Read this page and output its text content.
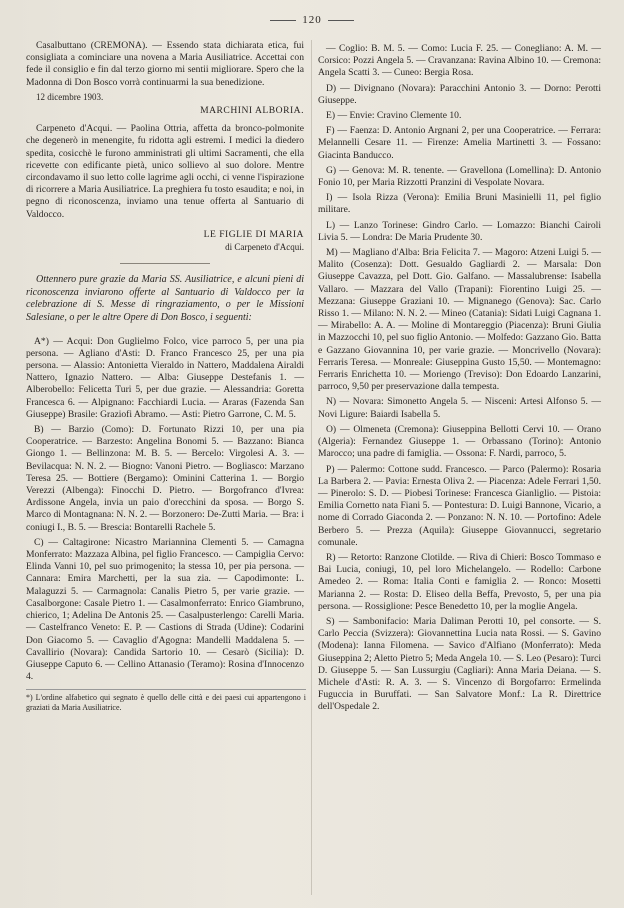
120

Casalbuttano (CREMONA). — Essendo stata dichiarata etica, fui consigliata a cominciare una novena a Maria Ausiliatrice. Accettai con fede il consiglio e fin dal terzo giorno mi sentii migliorare. Spero che la Madonna di Don Bosco vorrà continuarmi la sua benedizione.

12 dicembre 1903.
MARCHINI ALBORIA.

Carpeneto d'Acqui. — Paolina Ottria, affetta da bronco-polmonite che degenerò in menengite, fu ridotta agli estremi. I medici la diedero spedita, cosicchè le furono amministrati gli ultimi Sacramenti, che ella ricevette con edificante pietà, unico sollievo al suo dolore. Mentre circondavamo il suo letto colle lagrime agli occhi, ci venne l'ispirazione di ricorrere a Maria Ausiliatrice. La preghiera fu tosto esaudita; e noi, in pegno di riconoscenza, inviamo una tenue offerta al Santuario di Valdocco.

LE FIGLIE DI MARIA
di Carpeneto d'Acqui.

Ottennero pure grazie da Maria SS. Ausiliatrice, e alcuni pieni di riconoscenza inviarono offerte al Santuario di Valdocco per la celebrazione di S. Messe di ringraziamento, o per le Missioni Salesiane, o per le altre Opere di Don Bosco, i seguenti:

A*) — Acqui: Don Guglielmo Folco, vice parroco 5, per una pia persona. — Agliano d'Asti: D. Franco Francesco 25, per una pia persona. — Alassio: Antonietta Vieraldo in Nattero, Maddalena Airaldi Nattero, Ignazio Nattero. — Alba: Giuseppe Destefanis 1. — Alberobello: Felicetta Turi 5, per due grazie. — Alessandria: Goretta Francesca 6. — Alpignano: Facchiardi Lucia. — Araras (Fazenda San Giuseppe) Brasile: Graziofi Abramo. — Asti: Pietro Garrone, C. M. 5.

B) — Barzio (Como): D. Fortunato Rizzi 10, per una pia Cooperatrice. — Barzesto: Angelina Bonomi 5. — Bazzano: Bianca Giongo 1. — Bellinzona: M. B. 5. — Bercelo: Virgolesi A. 3. — Bevilacqua: N. N. 2. — Biogno: Vanoni Pietro. — Bogliasco: Marzano Teresa 25. — Bottiere (Bergamo): Ominini Catterina 1. — Borgio Verezzi (Albenga): Finocchi D. Pietro. — Borgofranco d'Ivrea: Ardissone Angela, invia un paio d'orecchini da sposa. — Borgo S. Marco di Montagnana: N. N. 2. — Borzonero: De-Zutti Maria. — Bra: i coniugi I., B. 5. — Brescia: Bontarelli Rachele 5.

C) — Caltagirone: Nicastro Mariannina Clementi 5. — Camagna Monferrato: Mazzaza Albina, pel figlio Francesco. — Campiglia Cervo: Elinda Vanni 10, pel suo primogenito; la stessa 10, per pia persona. — Cannara: Emira Marchetti, per la sua zia. — Capodimonte: L. Malaguzzi 5. — Carmagnola: Canalis Pietro 5, per varie grazie. — Casalborgone: Casale Pietro 1. — Casalmonferrato: Enrico Giambruno, chierico, 1; Adelina De Antonis 25. — Casalpusterlengo: Carelli Maria. — Castelfranco Veneto: E. P. — Castions di Strada (Udine): Codarini Don Giacomo 5. — Cavaglio d'Agogna: Mandelli Maddalena 5. — Cavallirio (Novara): Candida Sartorio 10. — Cesarò (Sicilia): D. Giuseppe Caputo 6. — Cellino Attanasio (Teramo): Rosina d'Innocenzo 4.

*) L'ordine alfabetico qui segnato è quello delle città e dei paesi cui appartengono i graziati da Maria Ausiliatrice.

— Coglio: B. M. 5. — Como: Lucia F. 25. — Conegliano: A. M. — Corsico: Pozzi Angela 5. — Cravanzana: Ravina Albino 10. — Cremona: Angela Scatti 3. — Cuneo: Bergia Rosa.

D) — Divignano (Novara): Paracchini Antonio 3. — Dorno: Perotti Giuseppe.

E) — Envie: Cravino Clemente 10.

F) — Faenza: D. Antonio Argnani 2, per una Cooperatrice. — Ferrara: Melannelli Cesare 11. — Firenze: Amelia Martinetti 3. — Fossano: Giacinta Banducco.

G) — Genova: M. R. tenente. — Gravellona (Lomellina): D. Antonio Fonio 10, per Maria Rizzotti Pranzini di Vespolate Novara.

I) — Isola Rizza (Verona): Emilia Bruni Masinielli 11, pel figlio militare.

L) — Lanzo Torinese: Gindro Carlo. — Lomazzo: Bianchi Cairoli Livia 5. — Londra: De Maria Prudente 30.

M) — Magliano d'Alba: Bria Felicita 7. — Magoro: Atzeni Luigi 5. — Malito (Cosenza): Dott. Gesualdo Gagliardi 2. — Marsala: Don Giuseppe Cavazza, pel Dott. Gio. Galfano. — Massalubrense: Isabella Vallaro. — Mazzara del Vallo (Trapani): Fiorentino Luigi 25. — Mezzana: Giuseppe Graziani 10. — Mignanego (Genova): Sac. Carlo Risso 1. — Milano: N. N. 2. — Mineo (Catania): Sidati Luigi Cagnana 1. — Mirabello: A. A. — Moline di Montareggio (Piacenza): Bruni Giulia in Mazzocchi 10, pel suo figlio Antonio. — Molfedo: Gazzano Gio. Batta e Gazzano Giovannina 10, per varie grazie. — Moncrivello (Novara): Ferraris Teresa. — Monreale: Giuseppina Gusto 15,50. — Montemagno: Ferraris Enrichetta 10. — Moriengo (Treviso): Don Edoardo Lanzarini, parroco, 9,50 per preservazione dalla tempesta.

N) — Novara: Simonetto Angela 5. — Nisceni: Artesi Alfonso 5. — Novi Ligure: Baiardi Isabella 5.

O) — Olmeneta (Cremona): Giuseppina Bellotti Cervi 10. — Orano (Algeria): Fernandez Giuseppe 1. — Orbassano (Torino): Antonio Marocco; una padre di famiglia. — Ossona: F. Nardi, parroco, 5.

P) — Palermo: Cottone sudd. Francesco. — Parco (Palermo): Rosaria La Barbera 2. — Pavia: Ernesta Oliva 2. — Piacenza: Adele Ferrari 1,50. — Pinerolo: S. D. — Piobesi Torinese: Francesca Gianliglio. — Pistoia: Emilia Cornetto nata Fiani 5. — Pontestura: D. Luigi Bannone, Vicario, a nome di Corrado Giaconda 2. — Ponzano: N. N. 10. — Portofino: Adele Berbero 5. — Prezza (Aquila): Giuseppe Giovannucci, segretario comunale.

R) — Retorto: Ranzone Clotilde. — Riva di Chieri: Bosco Tommaso e Bai Lucia, coniugi, 10, pel loro Michelangelo. — Rodello: Carbone Amedeo 2. — Roma: Italia Conti e famiglia 2. — Ronco: Mosetti Marianna 2. — Rosta: D. Eliseo della Beffa, Prevosto, 5, per una pia persona. — Rossiglione: Pesce Benedetto 10, per la moglie Angela.

S) — Sambonifacio: Maria Daliman Perotti 10, pel consorte. — S. Carlo Peccia (Svizzera): Giovannettina Lucia nata Rossi. — S. Gavino (Modena): Ianna Filomena. — Savico d'Alfiano (Monferrato): Meda Giuseppina 2; Aletto Pietro 5; Meda Angela 10. — S. Leo (Pesaro): Turci D. Giuseppe 5. — San Lussurgiu (Cagliari): Anna Maria Deiana. — S. Michele d'Asti: R. A. 3. — S. Vincenzo di Borgofarro: Ermelinda Fuguccia in Buruffati. — San Salvatore Monf.: La R. Direttrice dell'Ospedale 2.
